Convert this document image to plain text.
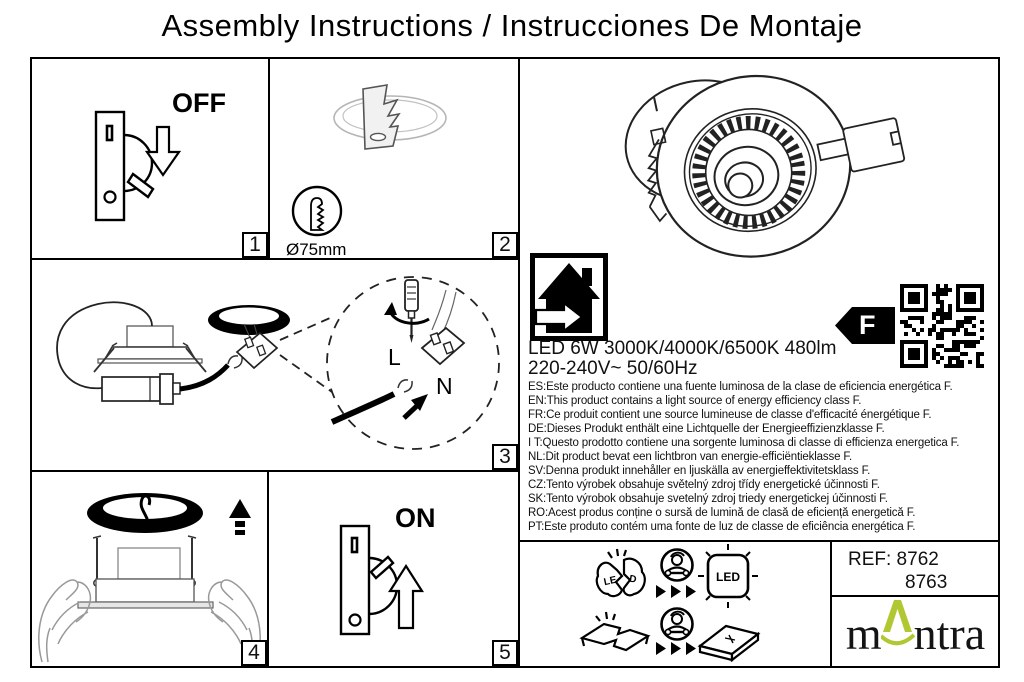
Assembly Instructions / Instrucciones De Montaje
OFF
1 Ø75mm	2
L
N
3
4
ON
5
F
LED 6W 3000K/4000K/6500K 480lm
220-240V~ 50/60Hz
ES:Este producto contiene una fuente luminosa de la clase de eficiencia energética F.
EN:This product contains a light source of energy efficiency class F.
FR:Ce produit contient une source lumineuse de classe d'efficacité énergétique F.
DE:Dieses Produkt enthält eine Lichtquelle der Energieeffizienzklasse F.
I T:Questo prodotto contiene una sorgente luminosa di classe di efficienza energetica F.
NL:Dit product bevat een lichtbron van energie-efficiëntieklasse F.
SV:Denna produkt innehåller en ljuskälla av energieffektivitetsklass F.
CZ:Tento výrobek obsahuje světelný zdroj třídy energetické účinnosti F.
SK:Tento výrobok obsahuje svetelný zdroj triedy energetickej účinnosti F.
RO:Acest produs conține o sursă de lumină de clasă de eficiență energetică F.
PT:Este produto contém uma fonte de luz de classe de eficiência energética F.
LE D	LED
REF: 8762
8763
m ntra
